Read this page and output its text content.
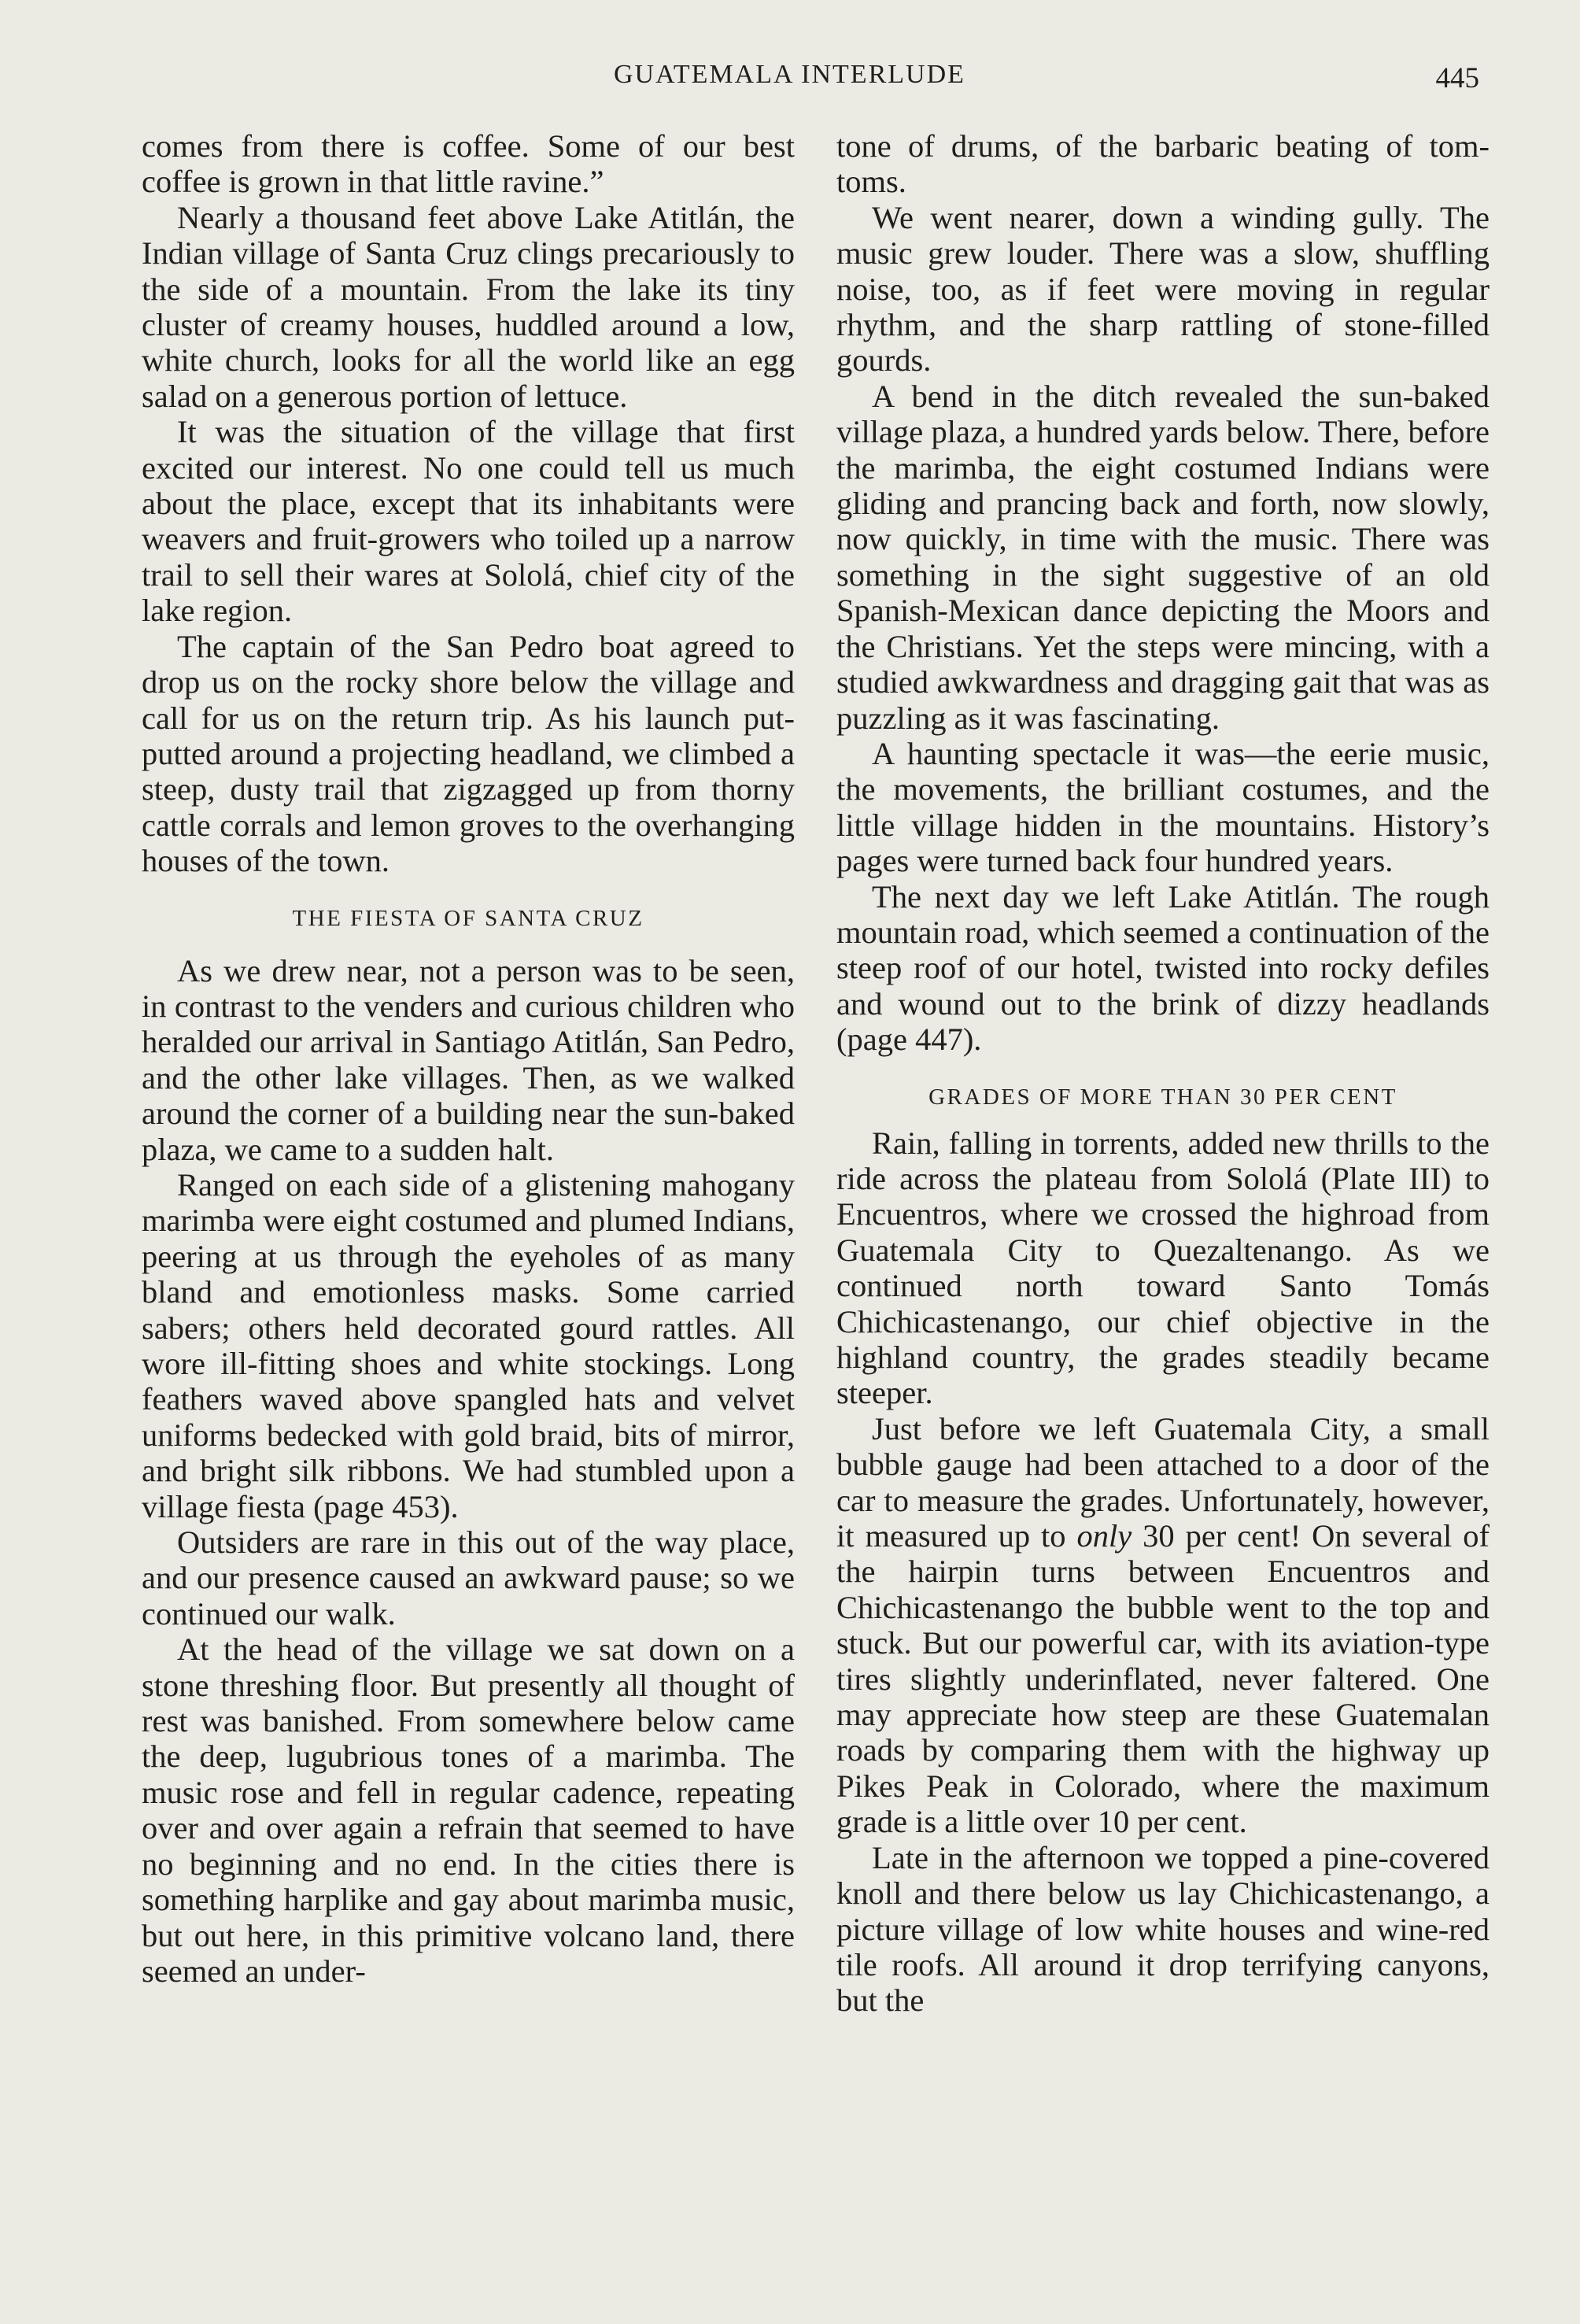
GUATEMALA INTERLUDE	445

comes from there is coffee. Some of our best coffee is grown in that little ravine.”

Nearly a thousand feet above Lake Atitlán, the Indian village of Santa Cruz clings precariously to the side of a mountain. From the lake its tiny cluster of creamy houses, huddled around a low, white church, looks for all the world like an egg salad on a generous portion of lettuce.

It was the situation of the village that first excited our interest. No one could tell us much about the place, except that its inhabitants were weavers and fruit-growers who toiled up a narrow trail to sell their wares at Sololá, chief city of the lake region.

The captain of the San Pedro boat agreed to drop us on the rocky shore below the village and call for us on the return trip. As his launch put-putted around a projecting headland, we climbed a steep, dusty trail that zigzagged up from thorny cattle corrals and lemon groves to the overhanging houses of the town.

THE FIESTA OF SANTA CRUZ

As we drew near, not a person was to be seen, in contrast to the venders and curious children who heralded our arrival in Santiago Atitlán, San Pedro, and the other lake villages. Then, as we walked around the corner of a building near the sun-baked plaza, we came to a sudden halt.

Ranged on each side of a glistening mahogany marimba were eight costumed and plumed Indians, peering at us through the eyeholes of as many bland and emotionless masks. Some carried sabers; others held decorated gourd rattles. All wore ill-fitting shoes and white stockings. Long feathers waved above spangled hats and velvet uniforms bedecked with gold braid, bits of mirror, and bright silk ribbons. We had stumbled upon a village fiesta (page 453).

Outsiders are rare in this out of the way place, and our presence caused an awkward pause; so we continued our walk.

At the head of the village we sat down on a stone threshing floor. But presently all thought of rest was banished. From somewhere below came the deep, lugubrious tones of a marimba. The music rose and fell in regular cadence, repeating over and over again a refrain that seemed to have no beginning and no end. In the cities there is something harplike and gay about marimba music, but out here, in this primitive volcano land, there seemed an under-

tone of drums, of the barbaric beating of tom-toms.

We went nearer, down a winding gully. The music grew louder. There was a slow, shuffling noise, too, as if feet were moving in regular rhythm, and the sharp rattling of stone-filled gourds.

A bend in the ditch revealed the sun-baked village plaza, a hundred yards below. There, before the marimba, the eight costumed Indians were gliding and prancing back and forth, now slowly, now quickly, in time with the music. There was something in the sight suggestive of an old Spanish-Mexican dance depicting the Moors and the Christians. Yet the steps were mincing, with a studied awkwardness and dragging gait that was as puzzling as it was fascinating.

A haunting spectacle it was—the eerie music, the movements, the brilliant costumes, and the little village hidden in the mountains. History’s pages were turned back four hundred years.

The next day we left Lake Atitlán. The rough mountain road, which seemed a continuation of the steep roof of our hotel, twisted into rocky defiles and wound out to the brink of dizzy headlands (page 447).

GRADES OF MORE THAN 30 PER CENT

Rain, falling in torrents, added new thrills to the ride across the plateau from Sololá (Plate III) to Encuentros, where we crossed the highroad from Guatemala City to Quezaltenango. As we continued north toward Santo Tomás Chichicastenango, our chief objective in the highland country, the grades steadily became steeper.

Just before we left Guatemala City, a small bubble gauge had been attached to a door of the car to measure the grades. Unfortunately, however, it measured up to only 30 per cent! On several of the hairpin turns between Encuentros and Chichicastenango the bubble went to the top and stuck. But our powerful car, with its aviation-type tires slightly underinflated, never faltered. One may appreciate how steep are these Guatemalan roads by comparing them with the highway up Pikes Peak in Colorado, where the maximum grade is a little over 10 per cent.

Late in the afternoon we topped a pine-covered knoll and there below us lay Chichicastenango, a picture village of low white houses and wine-red tile roofs. All around it drop terrifying canyons, but the
